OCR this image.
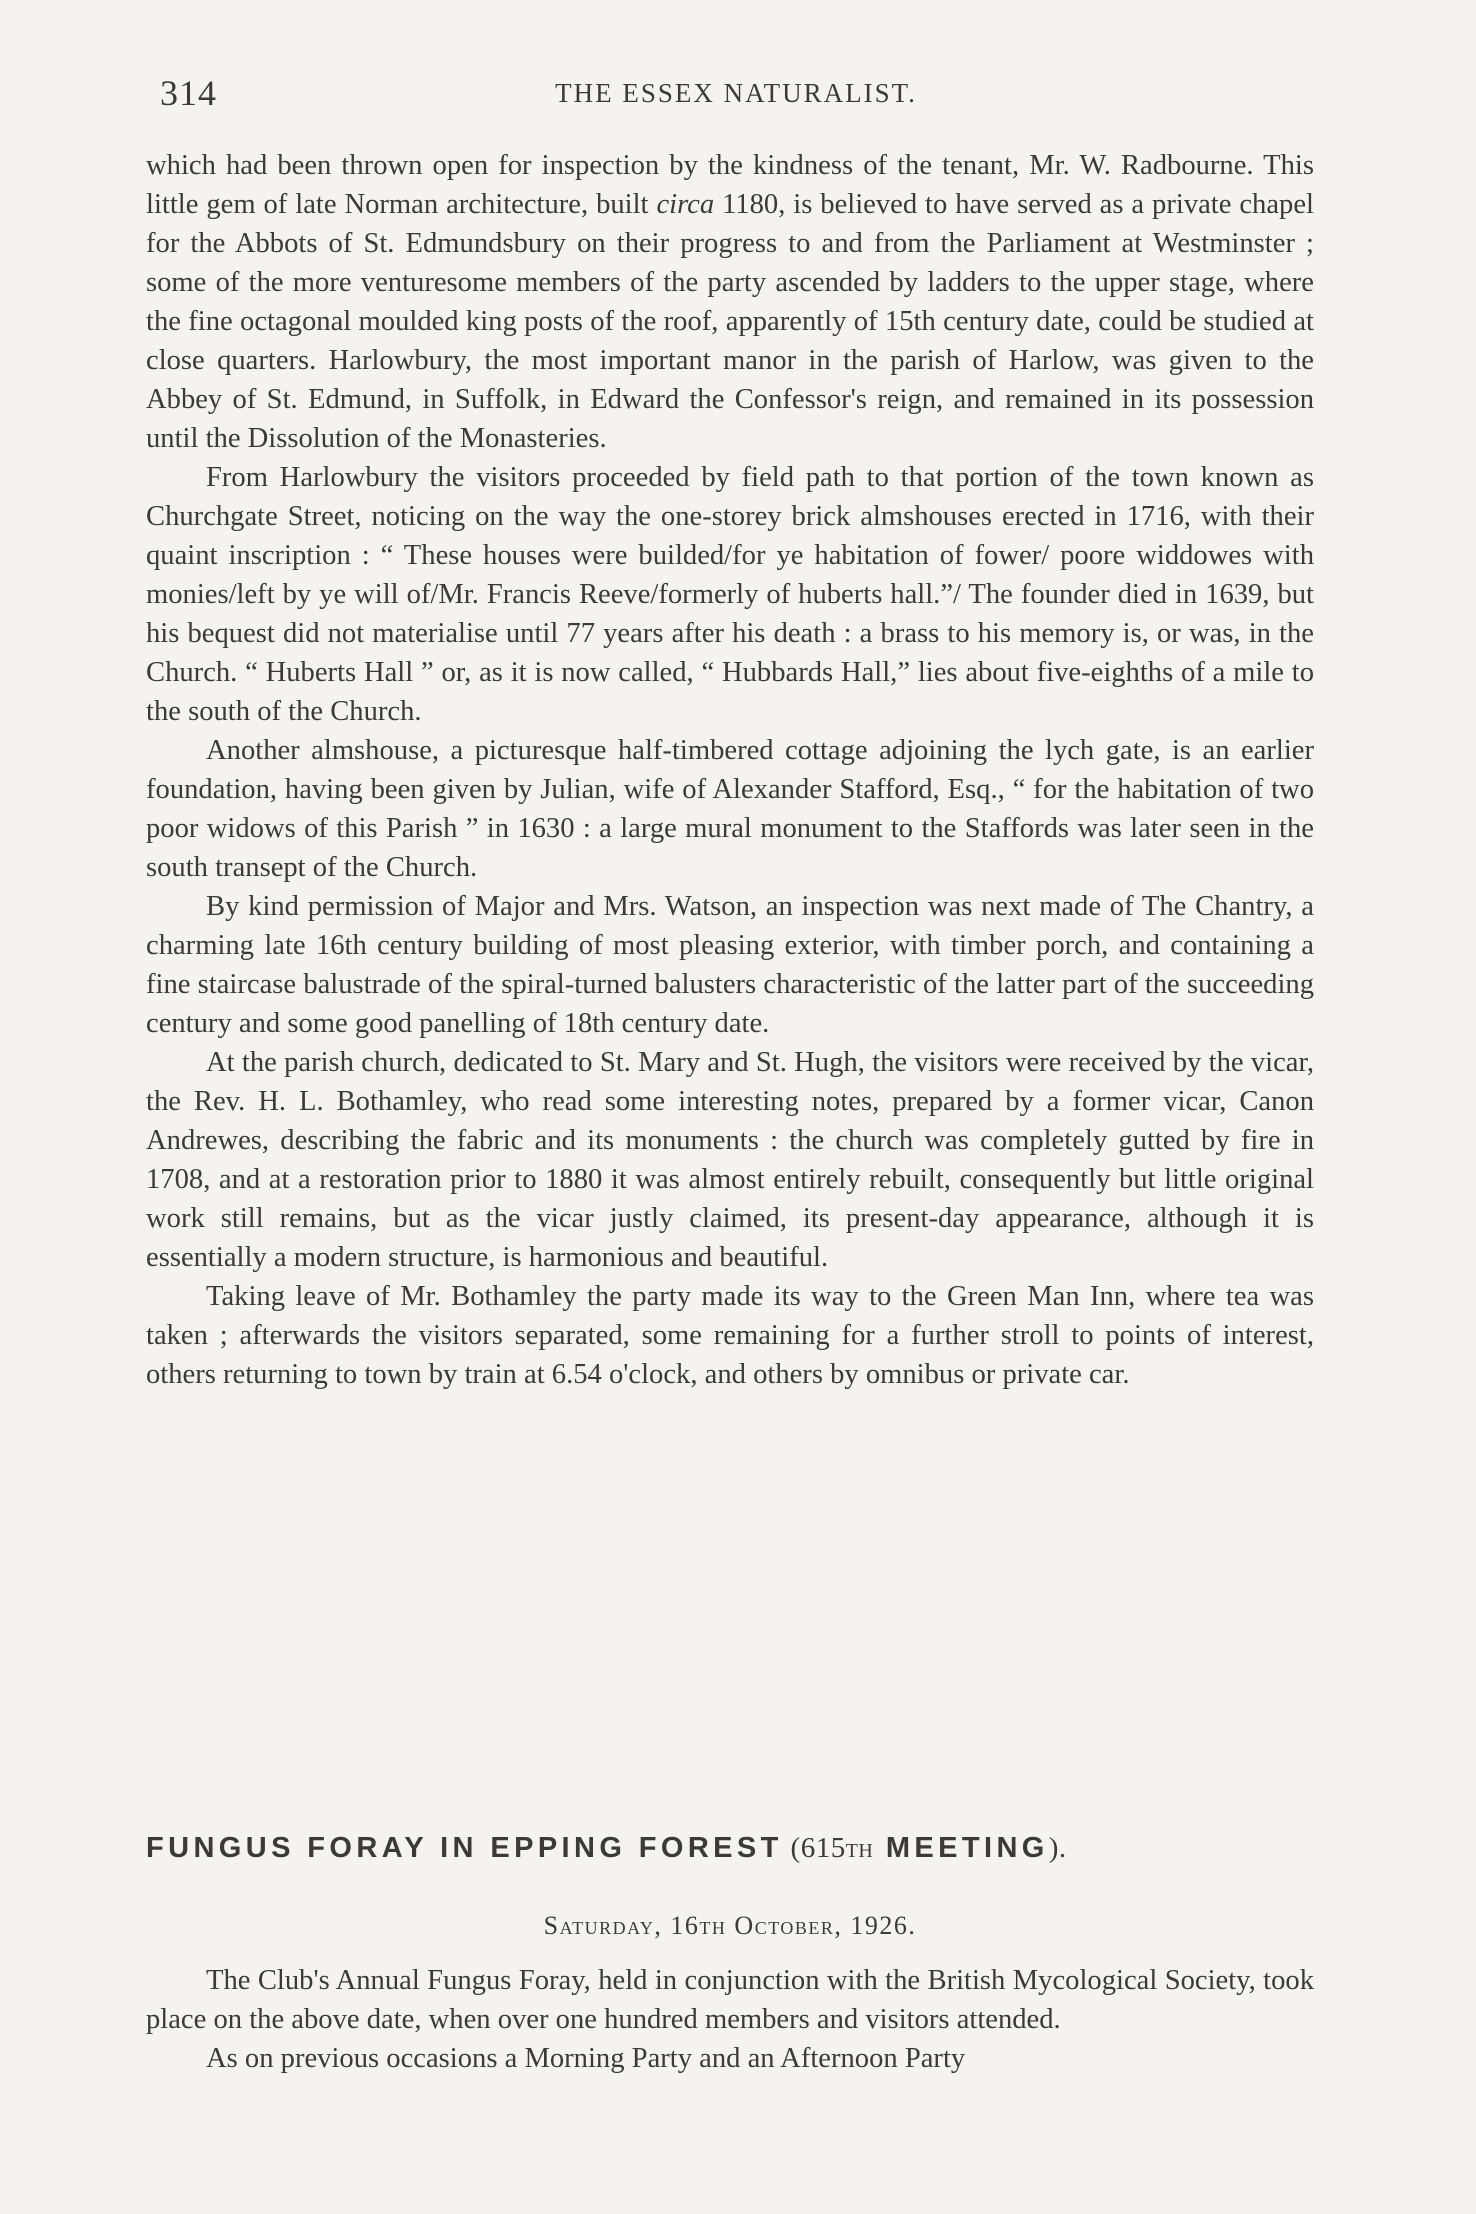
314	THE ESSEX NATURALIST.

which had been thrown open for inspection by the kindness of the tenant, Mr. W. Radbourne. This little gem of late Norman architecture, built circa 1180, is believed to have served as a private chapel for the Abbots of St. Edmundsbury on their progress to and from the Parliament at Westminster ; some of the more venturesome members of the party ascended by ladders to the upper stage, where the fine octagonal moulded king posts of the roof, apparently of 15th century date, could be studied at close quarters. Harlowbury, the most important manor in the parish of Harlow, was given to the Abbey of St. Edmund, in Suffolk, in Edward the Confessor's reign, and remained in its possession until the Dissolution of the Monasteries.

From Harlowbury the visitors proceeded by field path to that portion of the town known as Churchgate Street, noticing on the way the one-storey brick almshouses erected in 1716, with their quaint inscription : “ These houses were builded/for ye habitation of fower/ poore widdowes with monies/left by ye will of/Mr. Francis Reeve/formerly of huberts hall.”/ The founder died in 1639, but his bequest did not materialise until 77 years after his death : a brass to his memory is, or was, in the Church. “ Huberts Hall ” or, as it is now called, “ Hubbards Hall,” lies about five-eighths of a mile to the south of the Church.

Another almshouse, a picturesque half-timbered cottage adjoining the lych gate, is an earlier foundation, having been given by Julian, wife of Alexander Stafford, Esq., “ for the habitation of two poor widows of this Parish ” in 1630 : a large mural monument to the Staffords was later seen in the south transept of the Church.

By kind permission of Major and Mrs. Watson, an inspection was next made of The Chantry, a charming late 16th century building of most pleasing exterior, with timber porch, and containing a fine staircase balustrade of the spiral-turned balusters characteristic of the latter part of the succeeding century and some good panelling of 18th century date.

At the parish church, dedicated to St. Mary and St. Hugh, the visitors were received by the vicar, the Rev. H. L. Bothamley, who read some interesting notes, prepared by a former vicar, Canon Andrewes, describing the fabric and its monuments : the church was completely gutted by fire in 1708, and at a restoration prior to 1880 it was almost entirely rebuilt, consequently but little original work still remains, but as the vicar justly claimed, its present-day appearance, although it is essentially a modern structure, is harmonious and beautiful.

Taking leave of Mr. Bothamley the party made its way to the Green Man Inn, where tea was taken ; afterwards the visitors separated, some remaining for a further stroll to points of interest, others returning to town by train at 6.54 o'clock, and others by omnibus or private car.

FUNGUS FORAY IN EPPING FOREST (615th MEETING).
Saturday, 16th October, 1926.

The Club's Annual Fungus Foray, held in conjunction with the British Mycological Society, took place on the above date, when over one hundred members and visitors attended.

As on previous occasions a Morning Party and an Afternoon Party
